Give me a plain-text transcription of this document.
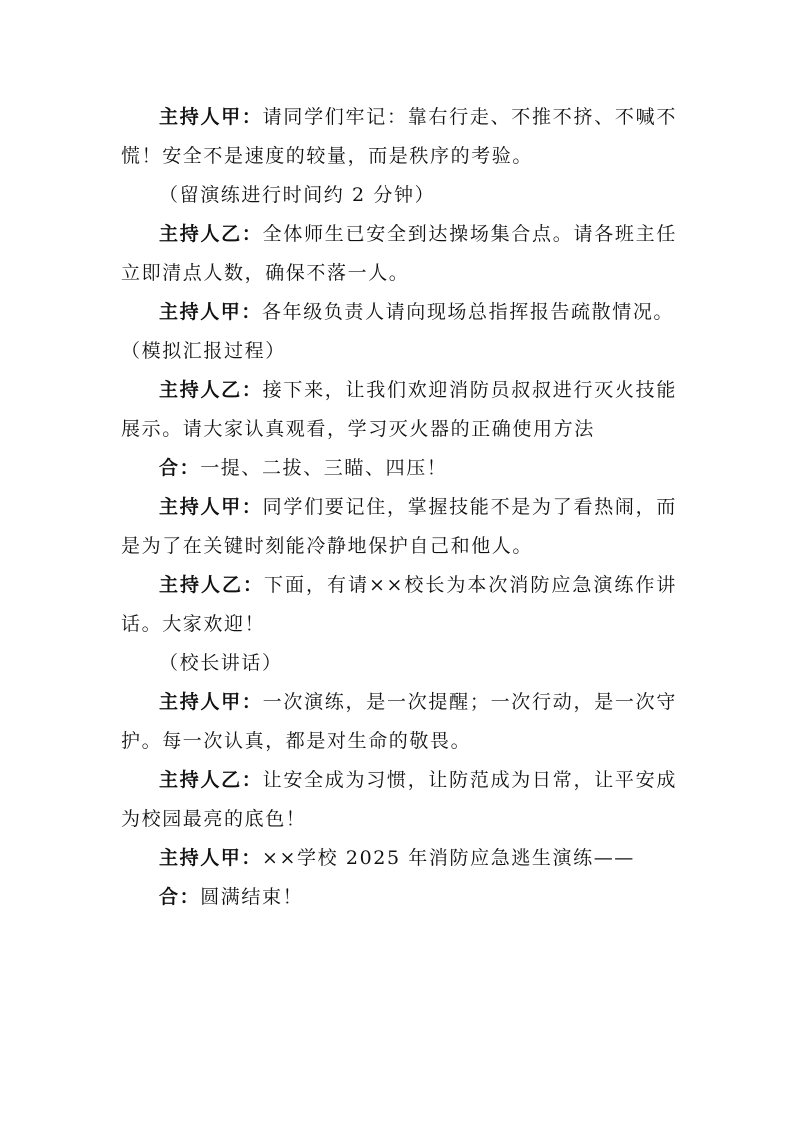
主持人甲：请同学们牢记：靠右行走、不推不挤、不喊不慌！安全不是速度的较量，而是秩序的考验。

（留演练进行时间约 2 分钟）

主持人乙：全体师生已安全到达操场集合点。请各班主任立即清点人数，确保不落一人。

主持人甲：各年级负责人请向现场总指挥报告疏散情况。

（模拟汇报过程）

主持人乙：接下来，让我们欢迎消防员叔叔进行灭火技能展示。请大家认真观看，学习灭火器的正确使用方法

合：一提、二拔、三瞄、四压！

主持人甲：同学们要记住，掌握技能不是为了看热闹，而是为了在关键时刻能冷静地保护自己和他人。

主持人乙：下面，有请××校长为本次消防应急演练作讲话。大家欢迎！

（校长讲话）

主持人甲：一次演练，是一次提醒；一次行动，是一次守护。每一次认真，都是对生命的敬畏。

主持人乙：让安全成为习惯，让防范成为日常，让平安成为校园最亮的底色！

主持人甲：××学校 2025 年消防应急逃生演练——

合：圆满结束！
